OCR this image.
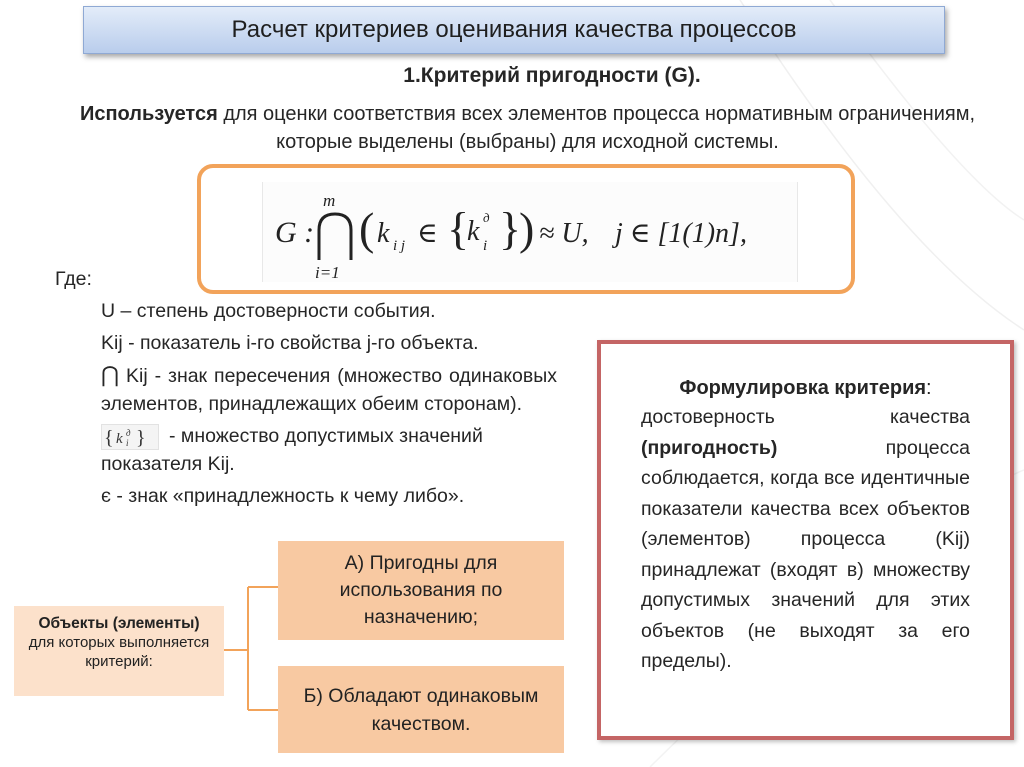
Расчет критериев оценивания качества процессов
1.Критерий пригодности (G).
Используется для оценки соответствия всех элементов процесса нормативным ограничениям, которые выделены (выбраны) для исходной системы.
G :
m
i=1
( k i j ∈ {
k д
i }
) ≈ U, j ∈ [1(1)n],
Где:
U – степень достоверности события.
Kij - показатель i-го свойства j-го объекта.
⋂ Kij - знак пересечения (множество одинаковых элементов, принадлежащих обеим сторонам).
{ k д
i } - множество допустимых значений показателя Kij.
є - знак «принадлежность к чему либо».
Объекты (элементы)
для которых выполняется критерий:
А) Пригодны для использования по назначению;
Б) Обладают одинаковым качеством.
Формулировка критерия:
достоверность качества (пригодность) процесса соблюдается, когда все идентичные показатели качества всех объектов (элементов) процесса (Kij) принадлежат (входят в) множеству допустимых значений для этих объектов (не выходят за его пределы).
